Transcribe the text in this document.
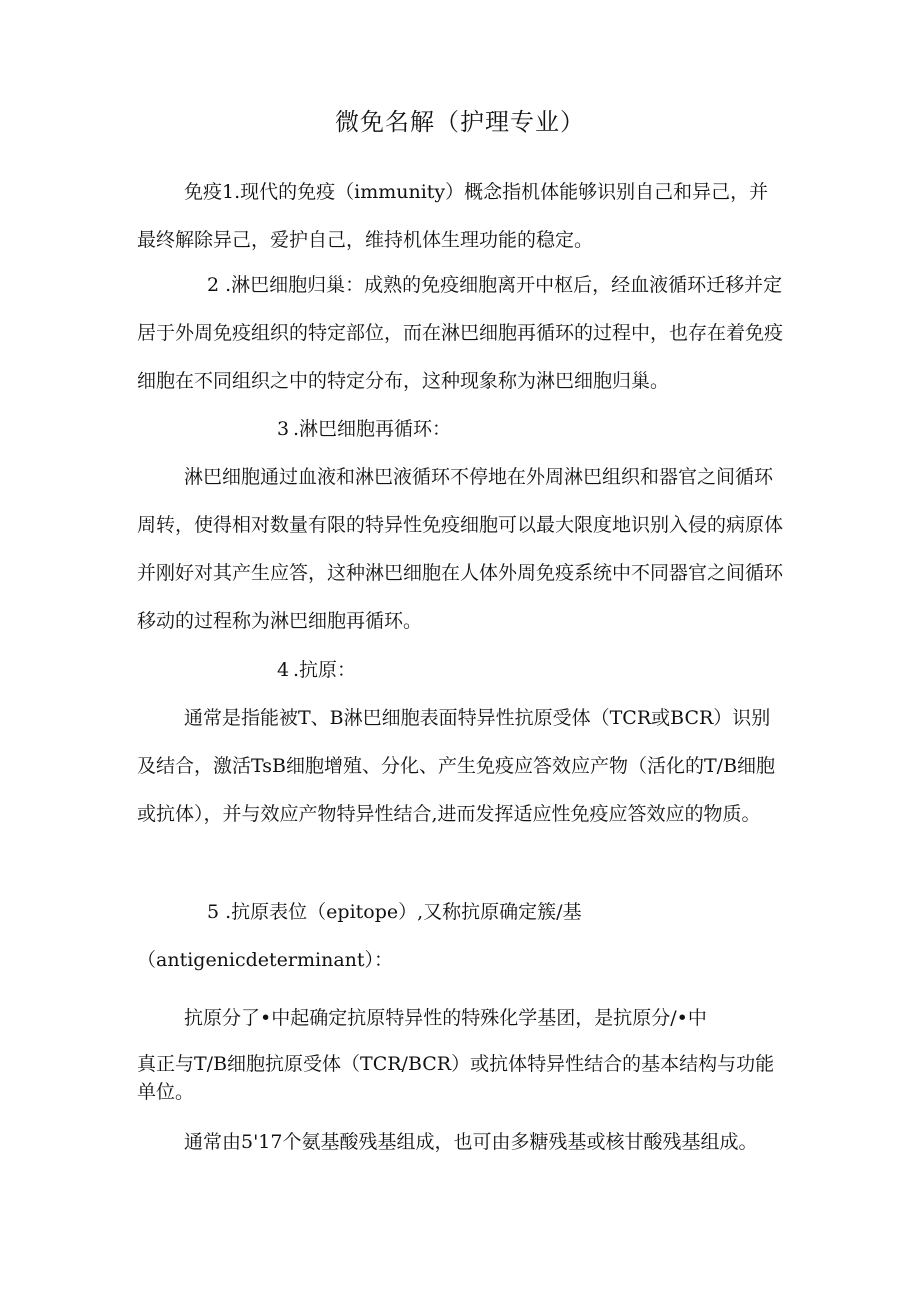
微免名解（护理专业）

免疫1.现代的免疫（immunity）概念指机体能够识别自己和异己，并最终解除异己，爱护自己，维持机体生理功能的稳定。

2 .淋巴细胞归巢：成熟的免疫细胞离开中枢后，经血液循环迁移并定居于外周免疫组织的特定部位，而在淋巴细胞再循环的过程中，也存在着免疫细胞在不同组织之中的特定分布，这种现象称为淋巴细胞归巢。

3 .淋巴细胞再循环：

淋巴细胞通过血液和淋巴液循环不停地在外周淋巴组织和器官之间循环周转，使得相对数量有限的特异性免疫细胞可以最大限度地识别入侵的病原体并刚好对其产生应答，这种淋巴细胞在人体外周免疫系统中不同器官之间循环移动的过程称为淋巴细胞再循环。

4 .抗原：

通常是指能被T、B淋巴细胞表面特异性抗原受体（TCR或BCR）识别及结合，激活TsB细胞增殖、分化、产生免疫应答效应产物（活化的T/B细胞或抗体），并与效应产物特异性结合,进而发挥适应性免疫应答效应的物质。

5 .抗原表位（epitope）,又称抗原确定簇/基（antigenicdeterminant）：

抗原分了•中起确定抗原特异性的特殊化学基团，是抗原分/•中

真正与T/B细胞抗原受体（TCR/BCR）或抗体特异性结合的基本结构与功能单位。

通常由5'17个氨基酸残基组成，也可由多糖残基或核甘酸残基组成。
